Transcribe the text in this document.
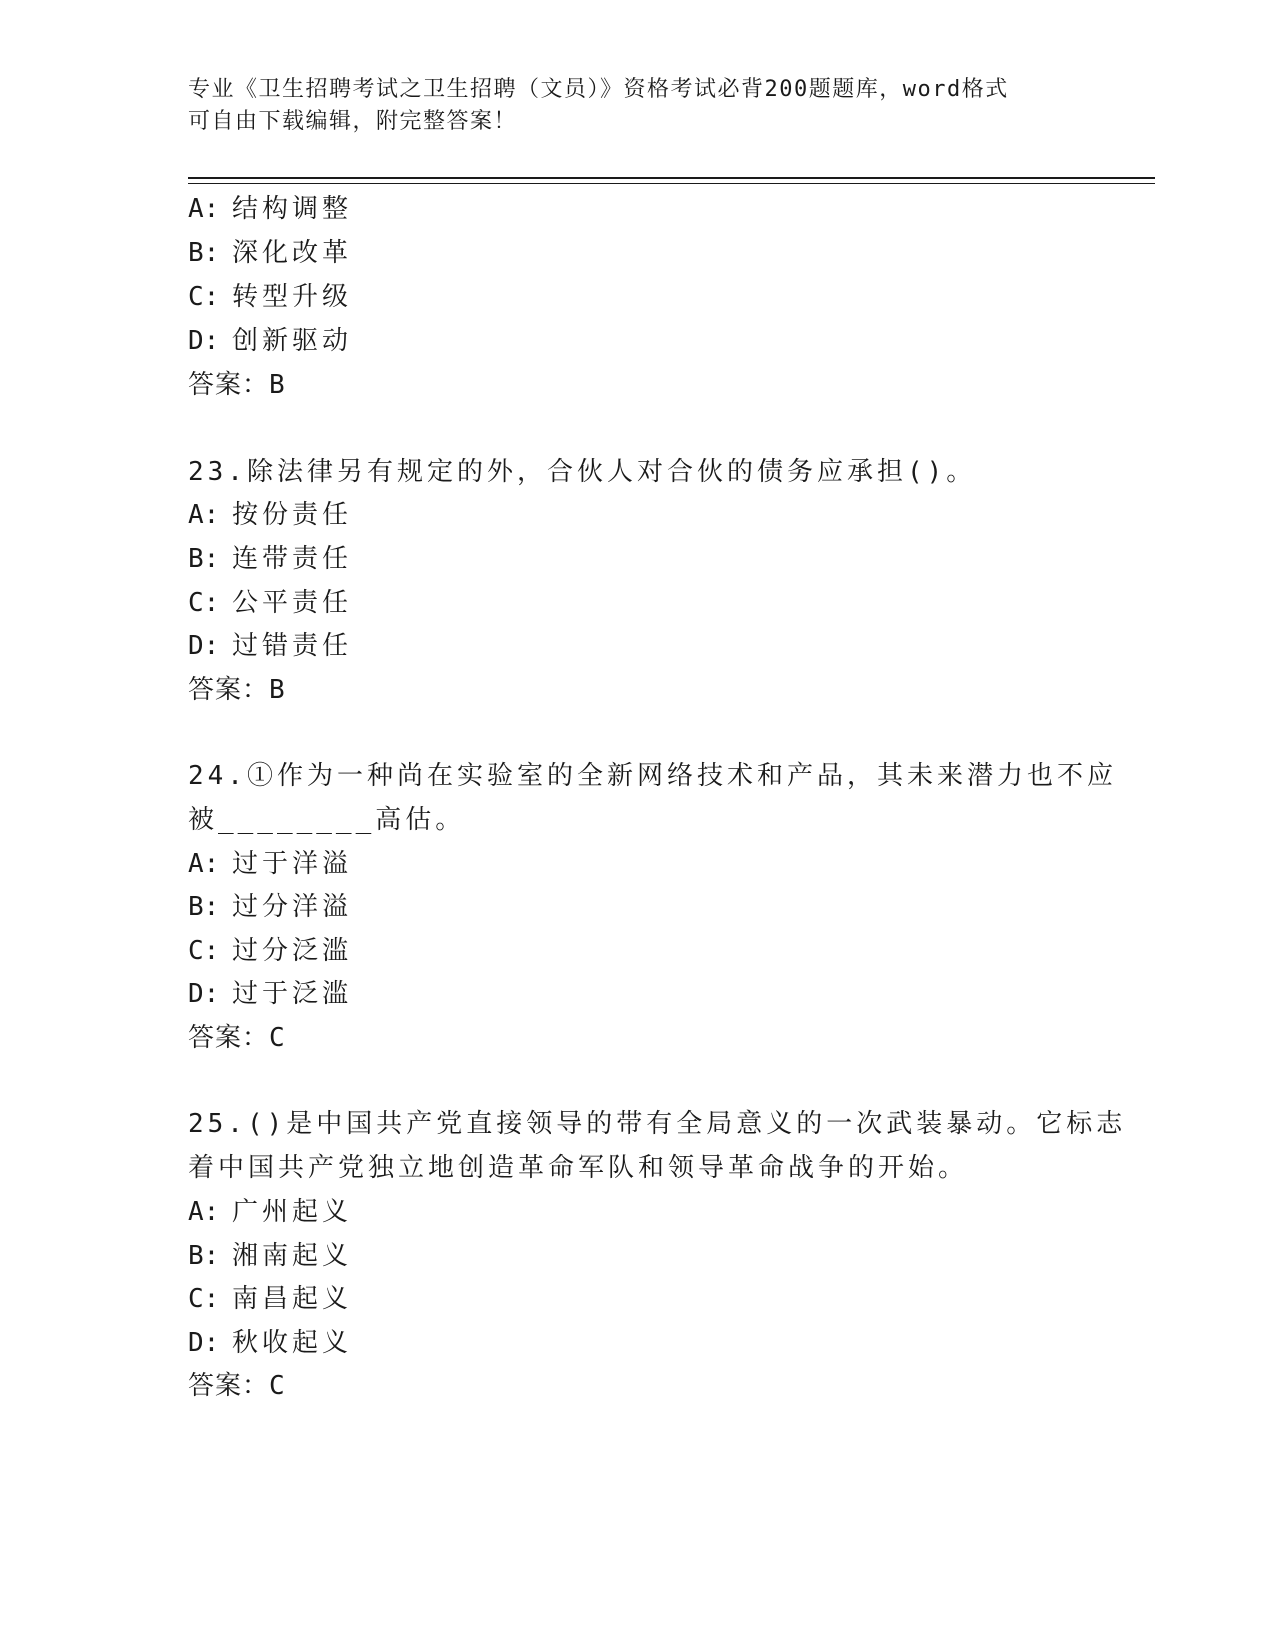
专业《卫生招聘考试之卫生招聘（文员）》资格考试必背200题题库，word格式
可自由下载编辑，附完整答案！
A: 结构调整
B: 深化改革
C: 转型升级
D: 创新驱动
答案：B
23.除法律另有规定的外，合伙人对合伙的债务应承担()。
A: 按份责任
B: 连带责任
C: 公平责任
D: 过错责任
答案：B
24.①作为一种尚在实验室的全新网络技术和产品，其未来潜力也不应
被________高估。
A: 过于洋溢
B: 过分洋溢
C: 过分泛滥
D: 过于泛滥
答案：C
25.()是中国共产党直接领导的带有全局意义的一次武装暴动。它标志
着中国共产党独立地创造革命军队和领导革命战争的开始。
A: 广州起义
B: 湘南起义
C: 南昌起义
D: 秋收起义
答案：C
